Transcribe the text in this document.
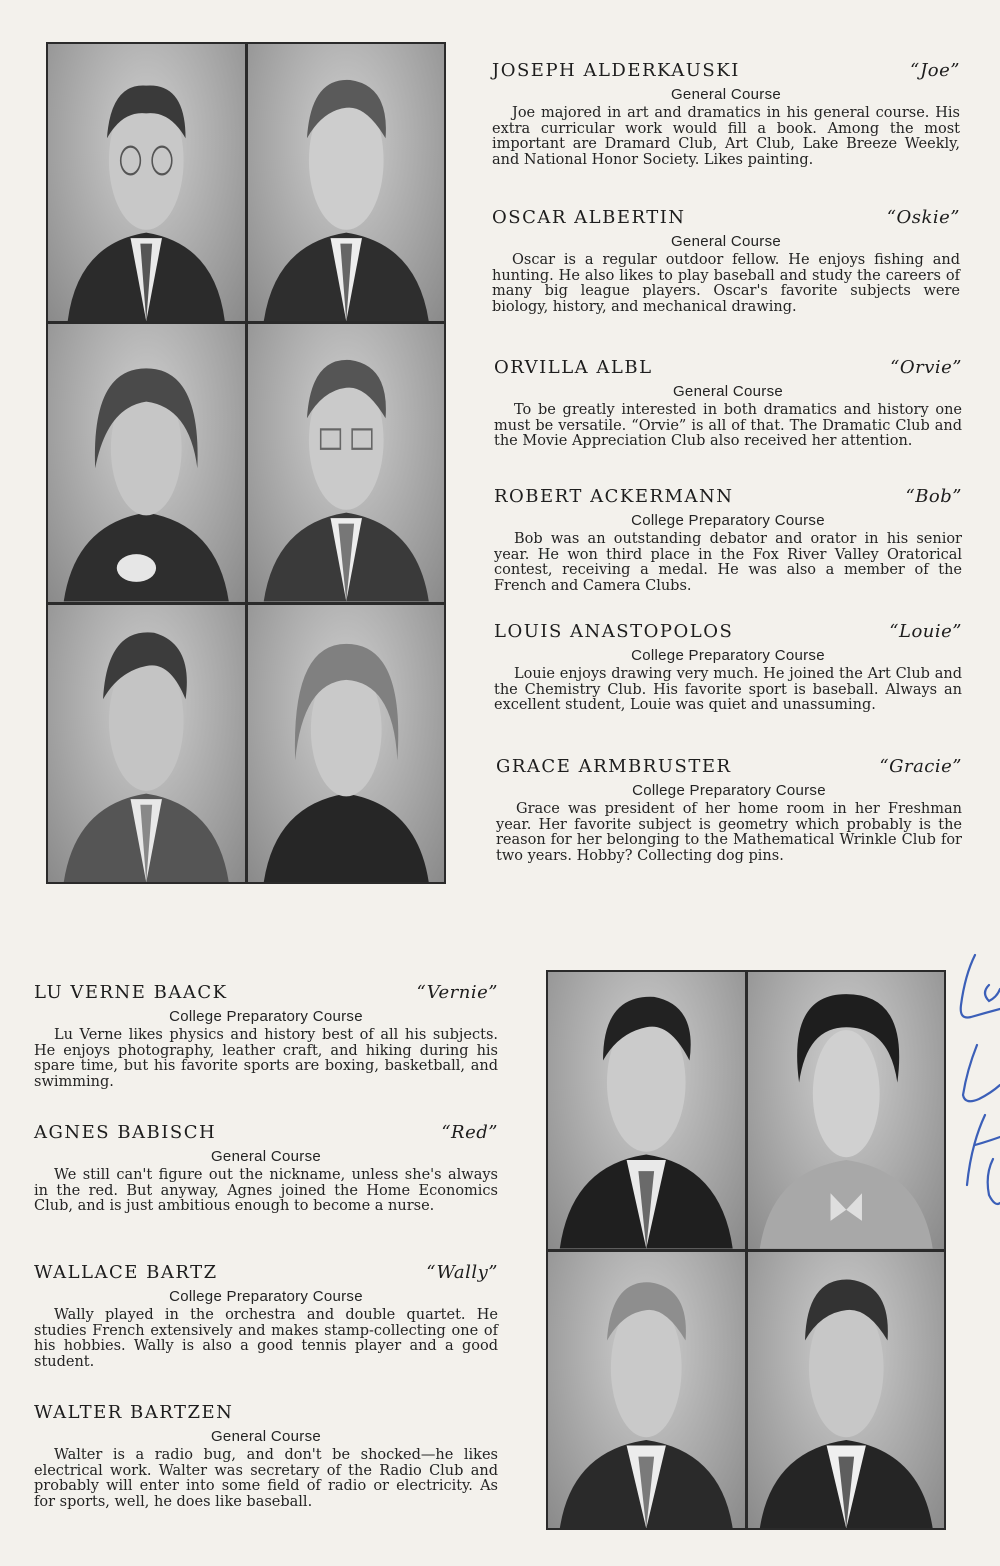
JOSEPH ALDERKAUSKI	“Joe”
General Course
Joe majored in art and dramatics in his general course. His extra curricular work would fill a book. Among the most important are Dramard Club, Art Club, Lake Breeze Weekly, and National Honor Society. Likes painting.
OSCAR ALBERTIN	“Oskie”
General Course
Oscar is a regular outdoor fellow. He enjoys fishing and hunting. He also likes to play baseball and study the careers of many big league players. Oscar's favorite subjects were biology, history, and mechanical drawing.
ORVILLA ALBL	“Orvie”
General Course
To be greatly interested in both dramatics and history one must be versatile. “Orvie” is all of that. The Dramatic Club and the Movie Appreciation Club also received her attention.
ROBERT ACKERMANN	“Bob”
College Preparatory Course
Bob was an outstanding debator and orator in his senior year. He won third place in the Fox River Valley Oratorical contest, receiving a medal. He was also a member of the French and Camera Clubs.
LOUIS ANASTOPOLOS	“Louie”
College Preparatory Course
Louie enjoys drawing very much. He joined the Art Club and the Chemistry Club. His favorite sport is baseball. Always an excellent student, Louie was quiet and unassuming.
GRACE ARMBRUSTER	“Gracie”
College Preparatory Course
Grace was president of her home room in her Freshman year. Her favorite subject is geometry which probably is the reason for her belonging to the Mathematical Wrinkle Club for two years. Hobby? Collecting dog pins.
LU VERNE BAACK	“Vernie”
College Preparatory Course
Lu Verne likes physics and history best of all his subjects. He enjoys photography, leather craft, and hiking during his spare time, but his favorite sports are boxing, basketball, and swimming.
AGNES BABISCH	“Red”
General Course
We still can't figure out the nickname, unless she's always in the red. But anyway, Agnes joined the Home Economics Club, and is just ambitious enough to become a nurse.
WALLACE BARTZ	“Wally”
College Preparatory Course
Wally played in the orchestra and double quartet. He studies French extensively and makes stamp-collecting one of his hobbies. Wally is also a good tennis player and a good student.
WALTER BARTZEN
General Course
Walter is a radio bug, and don't be shocked—he likes electrical work. Walter was secretary of the Radio Club and probably will enter into some field of radio or electricity. As for sports, well, he does like baseball.
